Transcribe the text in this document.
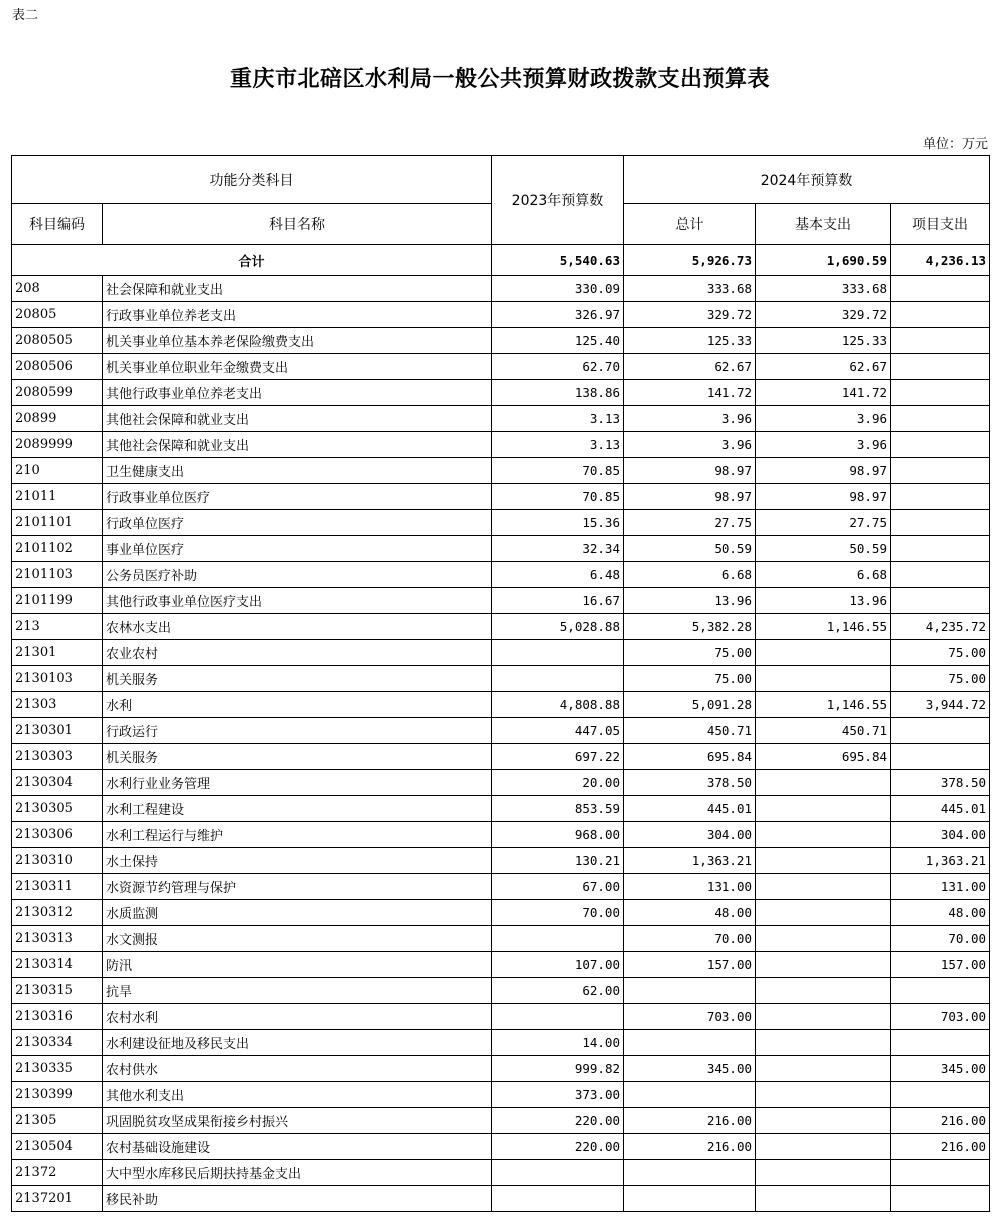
表二
重庆市北碚区水利局一般公共预算财政拨款支出预算表
单位：万元
功能分类科目		2023年预算数	2024年预算数		
科目编码	科目名称		总计	基本支出	项目支出
合计		5,540.63	5,926.73	1,690.59	4,236.13
208	社会保障和就业支出	330.09	333.68	333.68	
20805	行政事业单位养老支出	326.97	329.72	329.72	
2080505	机关事业单位基本养老保险缴费支出	125.40	125.33	125.33	
2080506	机关事业单位职业年金缴费支出	62.70	62.67	62.67	
2080599	其他行政事业单位养老支出	138.86	141.72	141.72	
20899	其他社会保障和就业支出	3.13	3.96	3.96	
2089999	其他社会保障和就业支出	3.13	3.96	3.96	
210	卫生健康支出	70.85	98.97	98.97	
21011	行政事业单位医疗	70.85	98.97	98.97	
2101101	行政单位医疗	15.36	27.75	27.75	
2101102	事业单位医疗	32.34	50.59	50.59	
2101103	公务员医疗补助	6.48	6.68	6.68	
2101199	其他行政事业单位医疗支出	16.67	13.96	13.96	
213	农林水支出	5,028.88	5,382.28	1,146.55	4,235.72
21301	农业农村		75.00		75.00
2130103	机关服务		75.00		75.00
21303	水利	4,808.88	5,091.28	1,146.55	3,944.72
2130301	行政运行	447.05	450.71	450.71	
2130303	机关服务	697.22	695.84	695.84	
2130304	水利行业业务管理	20.00	378.50		378.50
2130305	水利工程建设	853.59	445.01		445.01
2130306	水利工程运行与维护	968.00	304.00		304.00
2130310	水土保持	130.21	1,363.21		1,363.21
2130311	水资源节约管理与保护	67.00	131.00		131.00
2130312	水质监测	70.00	48.00		48.00
2130313	水文测报		70.00		70.00
2130314	防汛	107.00	157.00		157.00
2130315	抗旱	62.00			
2130316	农村水利		703.00		703.00
2130334	水利建设征地及移民支出	14.00			
2130335	农村供水	999.82	345.00		345.00
2130399	其他水利支出	373.00			
21305	巩固脱贫攻坚成果衔接乡村振兴	220.00	216.00		216.00
2130504	农村基础设施建设	220.00	216.00		216.00
21372	大中型水库移民后期扶持基金支出				
2137201	移民补助				
